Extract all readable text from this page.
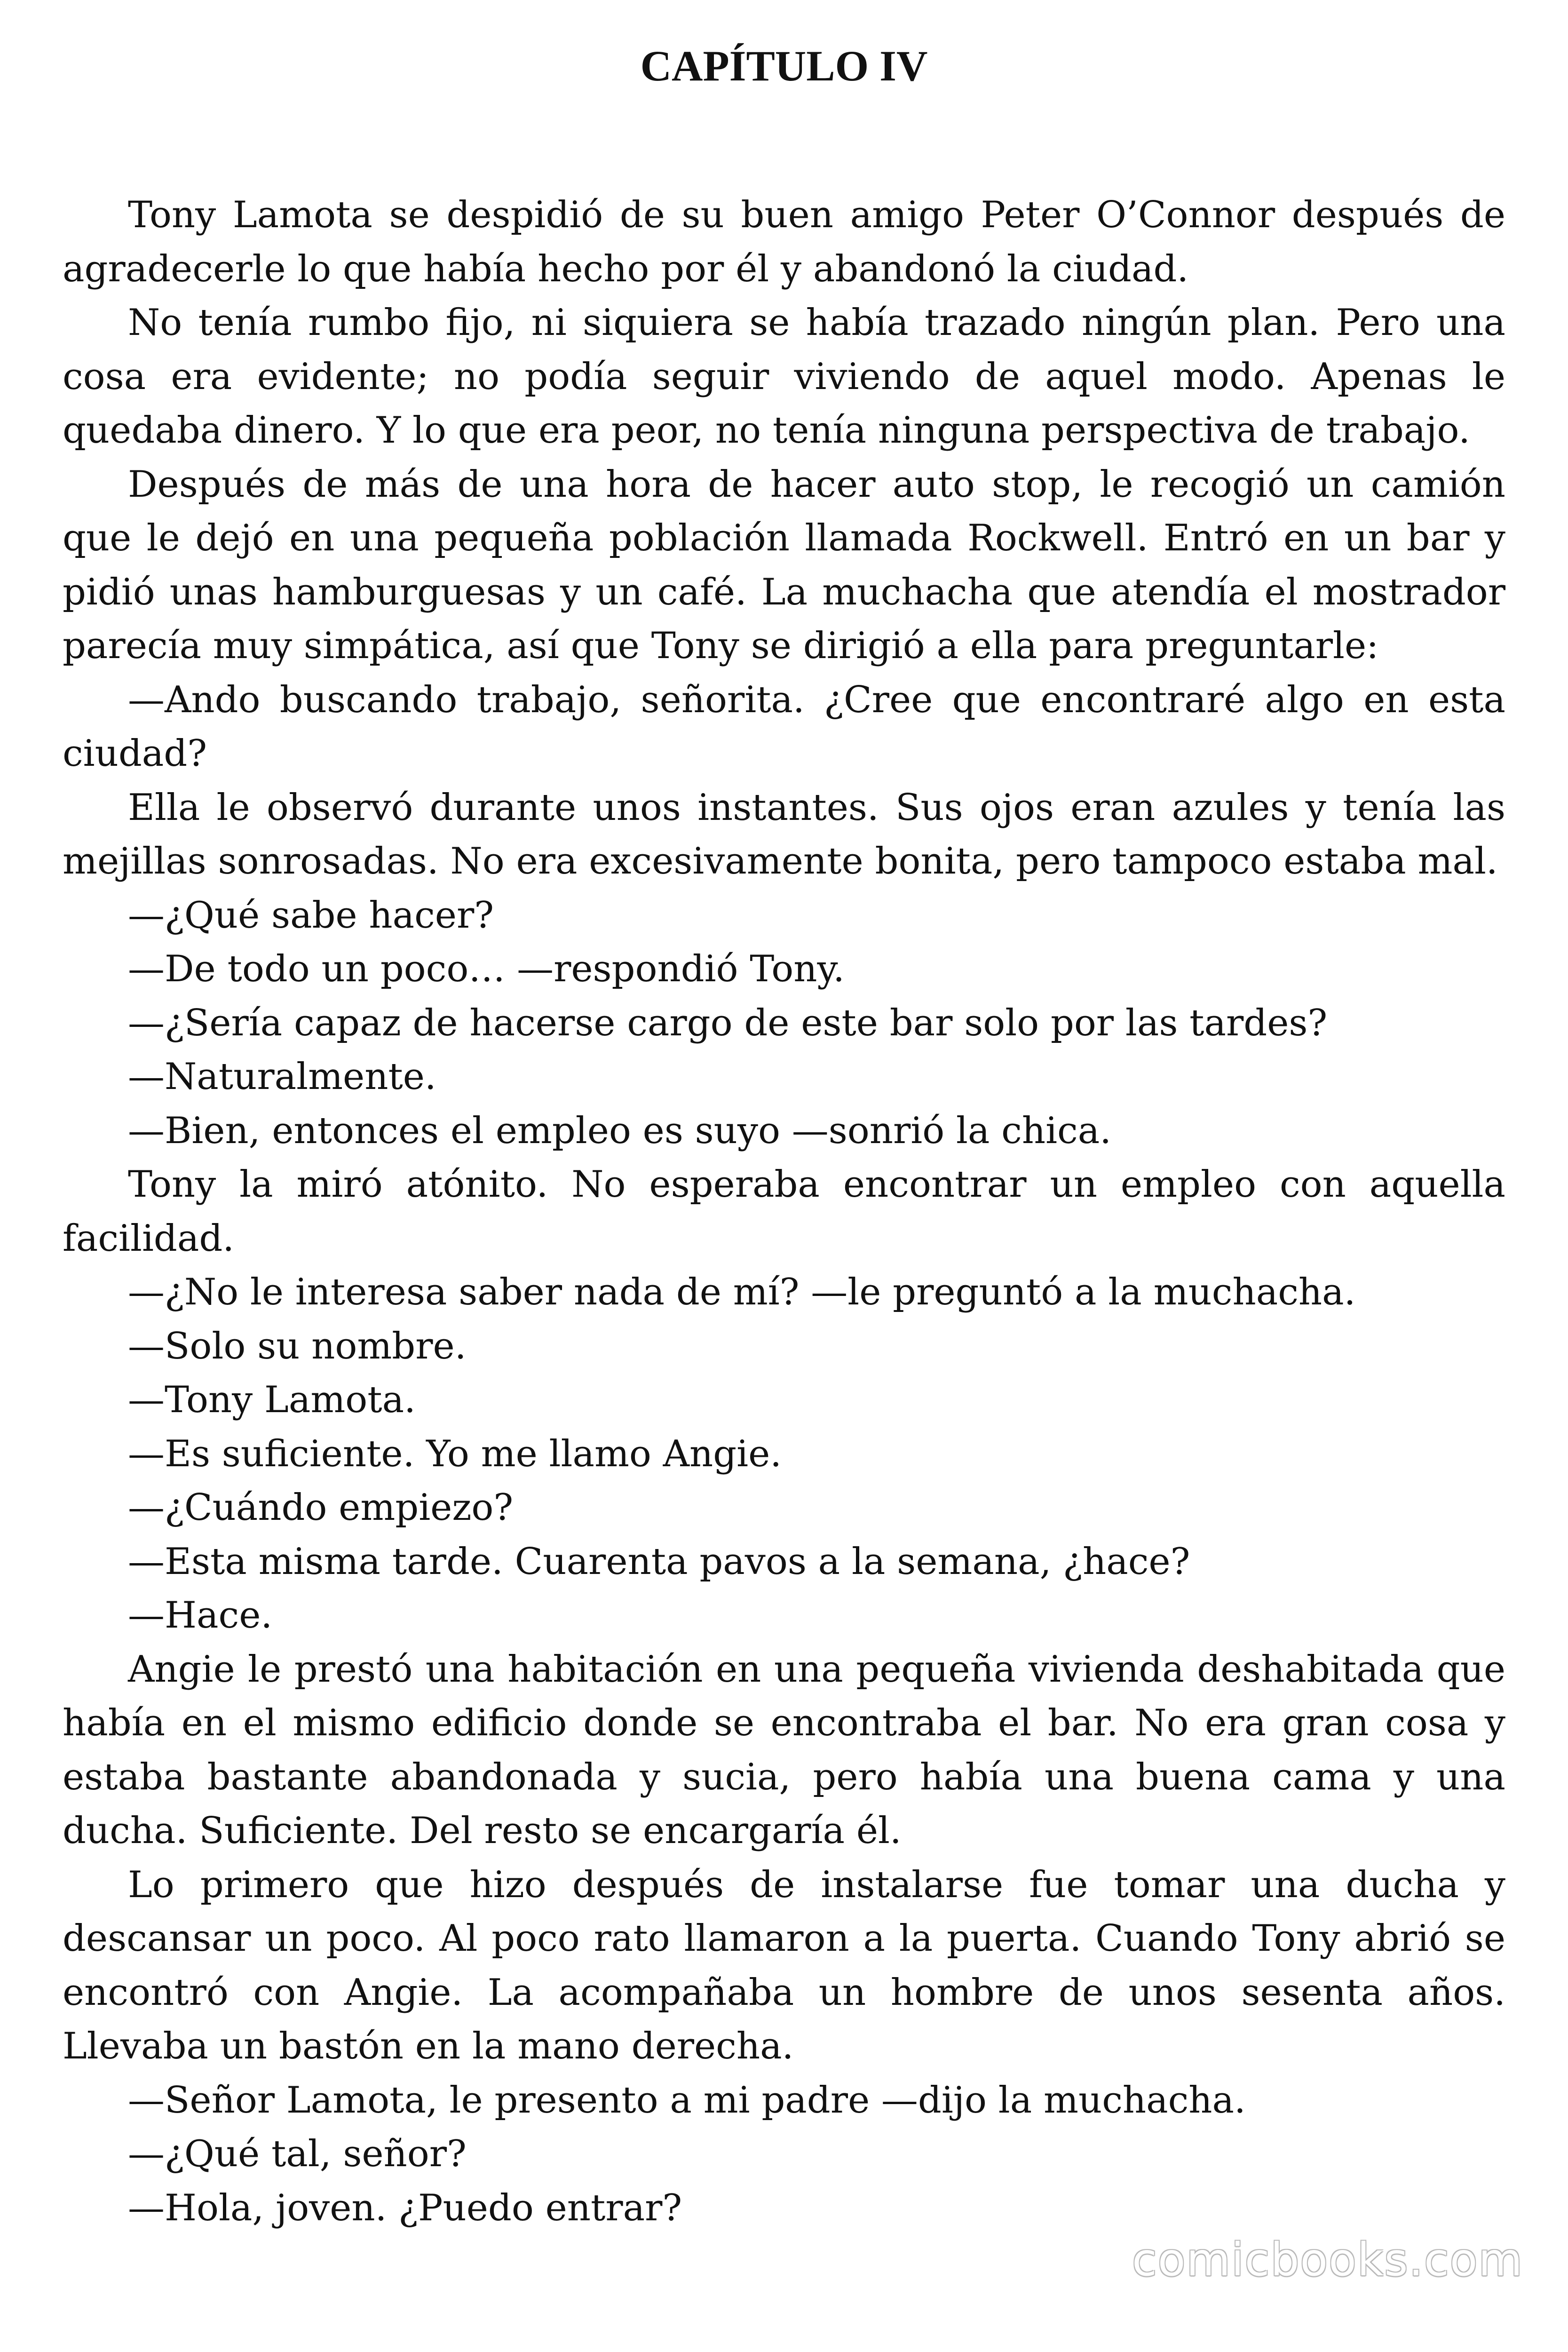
CAPÍTULO IV

Tony Lamota se despidió de su buen amigo Peter O’Connor después de agradecerle lo que había hecho por él y abandonó la ciudad.

No tenía rumbo fijo, ni siquiera se había trazado ningún plan. Pero una cosa era evidente; no podía seguir viviendo de aquel modo. Apenas le quedaba dinero. Y lo que era peor, no tenía ninguna perspectiva de trabajo.

Después de más de una hora de hacer auto stop, le recogió un camión que le dejó en una pequeña población llamada Rockwell. Entró en un bar y pidió unas hamburguesas y un café. La muchacha que atendía el mostrador parecía muy simpática, así que Tony se dirigió a ella para preguntarle:

—Ando buscando trabajo, señorita. ¿Cree que encontraré algo en esta ciudad?

Ella le observó durante unos instantes. Sus ojos eran azules y tenía las mejillas sonrosadas. No era excesivamente bonita, pero tampoco estaba mal.

—¿Qué sabe hacer?

—De todo un poco… —respondió Tony.

—¿Sería capaz de hacerse cargo de este bar solo por las tardes?

—Naturalmente.

—Bien, entonces el empleo es suyo —sonrió la chica.

Tony la miró atónito. No esperaba encontrar un empleo con aquella facilidad.

—¿No le interesa saber nada de mí? —le preguntó a la muchacha.

—Solo su nombre.

—Tony Lamota.

—Es suficiente. Yo me llamo Angie.

—¿Cuándo empiezo?

—Esta misma tarde. Cuarenta pavos a la semana, ¿hace?

—Hace.

Angie le prestó una habitación en una pequeña vivienda deshabitada que había en el mismo edificio donde se encontraba el bar. No era gran cosa y estaba bastante abandonada y sucia, pero había una buena cama y una ducha. Suficiente. Del resto se encargaría él.

Lo primero que hizo después de instalarse fue tomar una ducha y descansar un poco. Al poco rato llamaron a la puerta. Cuando Tony abrió se encontró con Angie. La acompañaba un hombre de unos sesenta años. Llevaba un bastón en la mano derecha.

—Señor Lamota, le presento a mi padre —dijo la muchacha.

—¿Qué tal, señor?

—Hola, joven. ¿Puedo entrar?

comicbooks.com
